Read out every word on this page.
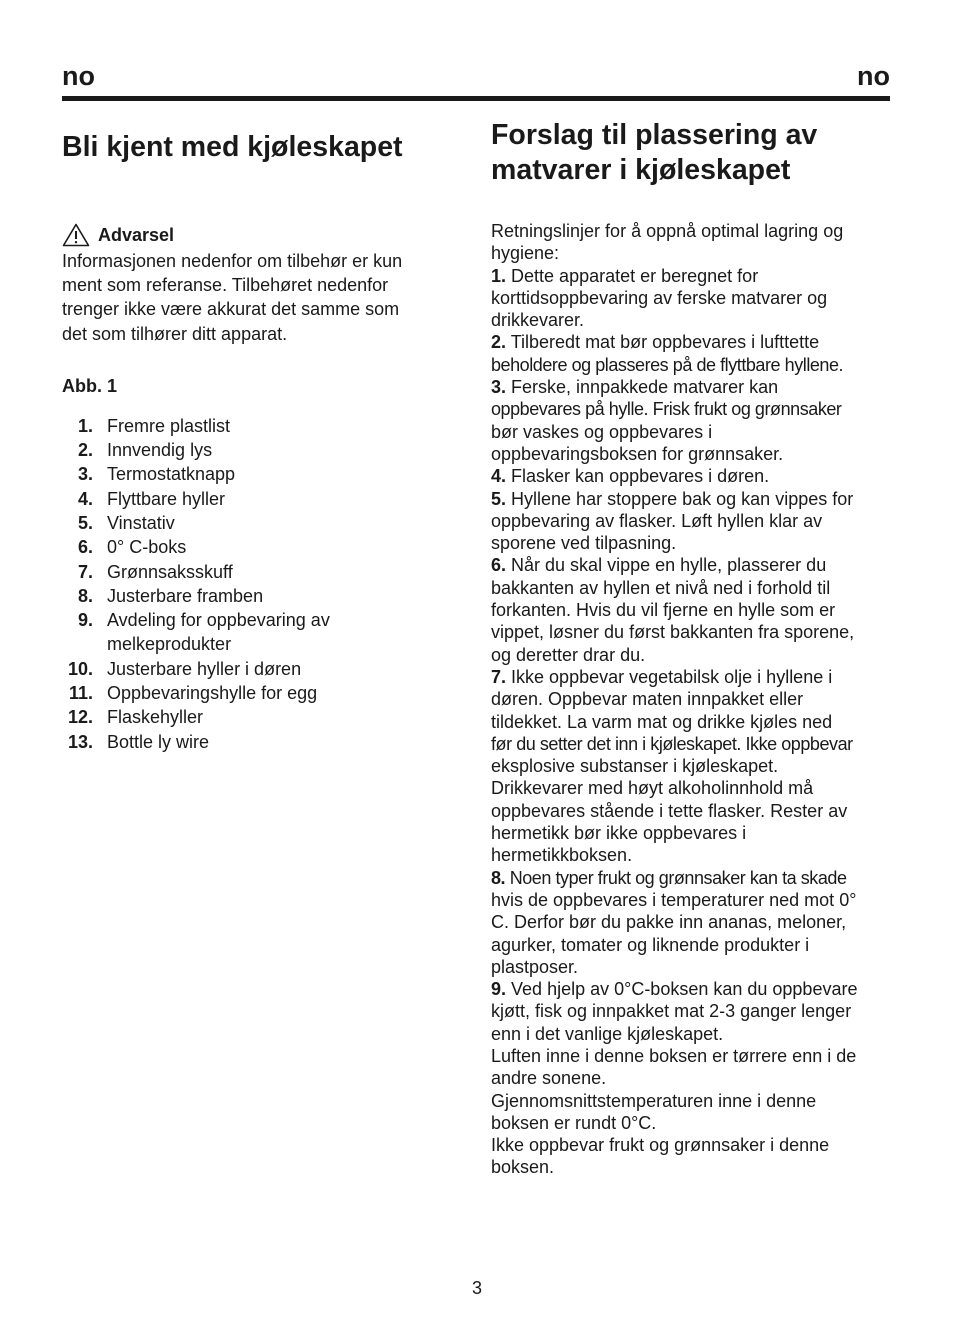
no	no
Bli kjent med kjøleskapet
Advarsel
Informasjonen nedenfor om tilbehør er kun
ment som referanse. Tilbehøret nedenfor
trenger ikke være akkurat det samme som
det som tilhører ditt apparat.
Abb. 1
1. Fremre plastlist
2. Innvendig lys
3. Termostatknapp
4. Flyttbare hyller
5. Vinstativ
6. 0° C-boks
7. Grønnsaksskuff
8. Justerbare framben
9. Avdeling for oppbevaring av
melkeprodukter
10. Justerbare hyller i døren
11. Oppbevaringshylle for egg
12. Flaskehyller
13. Bottle ly wire
Forslag til plassering av
matvarer i kjøleskapet
Retningslinjer for å oppnå optimal lagring og
hygiene:

1. Dette apparatet er beregnet for

korttidsoppbevaring av ferske matvarer og

drikkevarer.

2. Tilberedt mat bør oppbevares i lufttette

beholdere og plasseres på de flyttbare hyllene.

3. Ferske, innpakkede matvarer kan

oppbevares på hylle. Frisk frukt og grønnsaker

bør vaskes og oppbevares i

oppbevaringsboksen for grønnsaker.

4. Flasker kan oppbevares i døren.

5. Hyllene har stoppere bak og kan vippes for

oppbevaring av flasker. Løft hyllen klar av

sporene ved tilpasning.

6. Når du skal vippe en hylle, plasserer du

bakkanten av hyllen et nivå ned i forhold til

forkanten. Hvis du vil fjerne en hylle som er

vippet, løsner du først bakkanten fra sporene,

og deretter drar du.

7. Ikke oppbevar vegetabilsk olje i hyllene i

døren. Oppbevar maten innpakket eller

tildekket. La varm mat og drikke kjøles ned

før du setter det inn i kjøleskapet. Ikke oppbevar

eksplosive substanser i kjøleskapet.

Drikkevarer med høyt alkoholinnhold må

oppbevares stående i tette flasker. Rester av

hermetikk bør ikke oppbevares i

hermetikkboksen.

8. Noen typer frukt og grønnsaker kan ta skade

hvis de oppbevares i temperaturer ned mot 0°

C. Derfor bør du pakke inn ananas, meloner,

agurker, tomater og liknende produkter i

plastposer.

9. Ved hjelp av 0°C-boksen kan du oppbevare

kjøtt, fisk og innpakket mat 2-3 ganger lenger

enn i det vanlige kjøleskapet.

Luften inne i denne boksen er tørrere enn i de

andre sonene.

Gjennomsnittstemperaturen inne i denne

boksen er rundt 0°C.

Ikke oppbevar frukt og grønnsaker i denne

boksen.

3
